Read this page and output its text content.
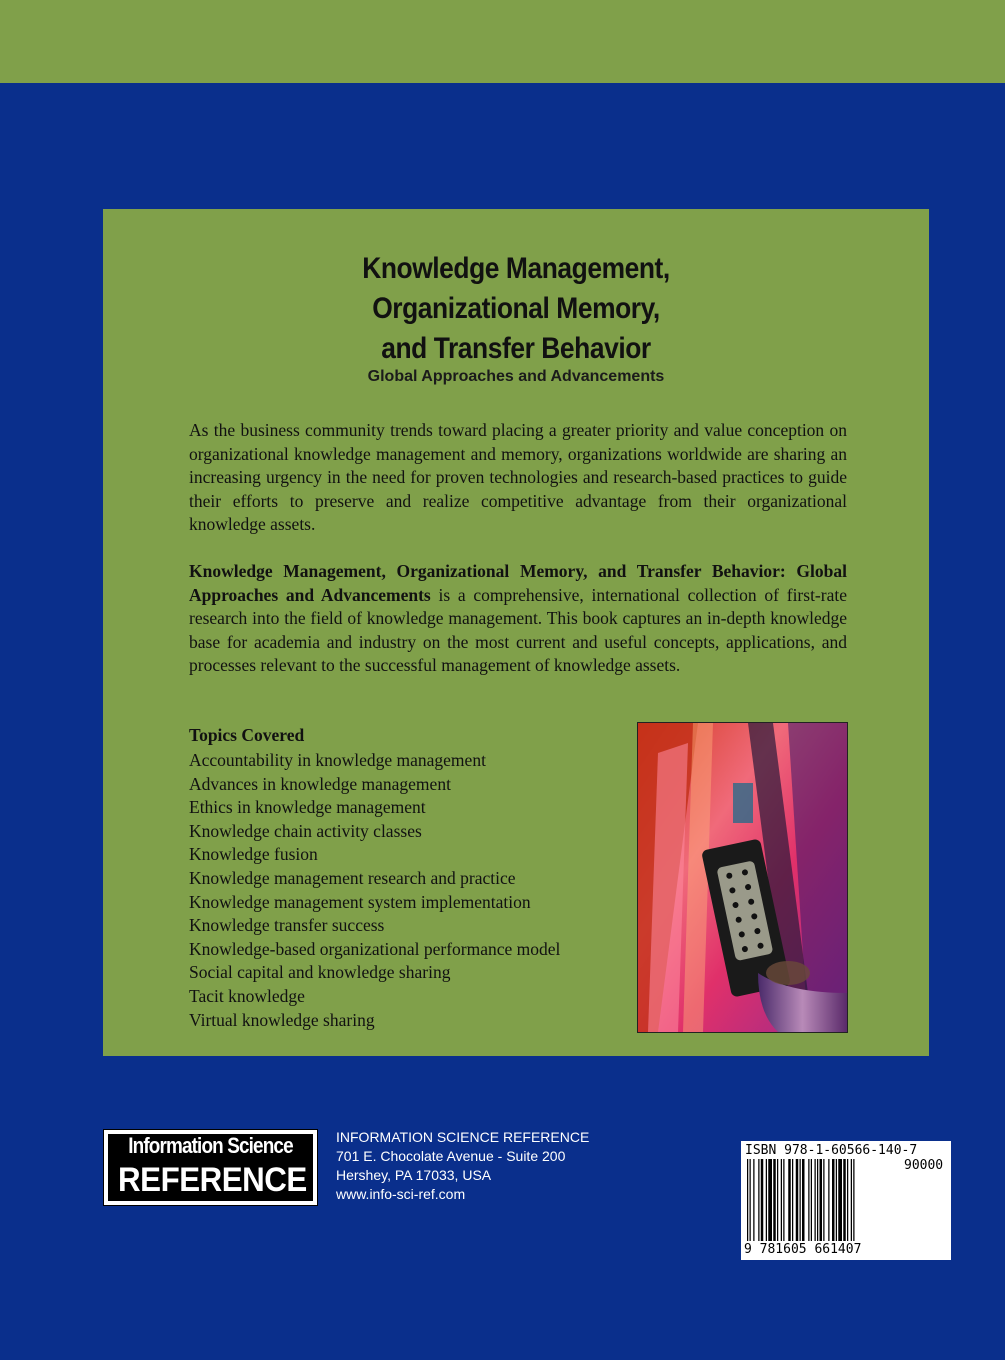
Knowledge Management,
Organizational Memory,
and Transfer Behavior
Global Approaches and Advancements
As the business community trends toward placing a greater priority and value conception on organizational knowledge management and memory, organizations worldwide are sharing an increasing urgency in the need for proven technologies and research-based practices to guide their efforts to preserve and realize competitive advantage from their organizational knowledge assets.
Knowledge Management, Organizational Memory, and Transfer Behavior: Global Approaches and Advancements is a comprehensive, international collection of first-rate research into the field of knowledge management. This book captures an in-depth knowledge base for academia and industry on the most current and useful concepts, applications, and processes relevant to the successful management of knowledge assets.
Topics Covered
Accountability in knowledge management
Advances in knowledge management
Ethics in knowledge management
Knowledge chain activity classes
Knowledge fusion
Knowledge management research and practice
Knowledge management system implementation
Knowledge transfer success
Knowledge-based organizational performance model
Social capital and knowledge sharing
Tacit knowledge
Virtual knowledge sharing
Information Science
REFERENCE
INFORMATION SCIENCE REFERENCE
701 E. Chocolate Avenue - Suite 200
Hershey, PA 17033, USA
www.info-sci-ref.com
ISBN 978-1-60566-140-7
90000
9 781605 661407
